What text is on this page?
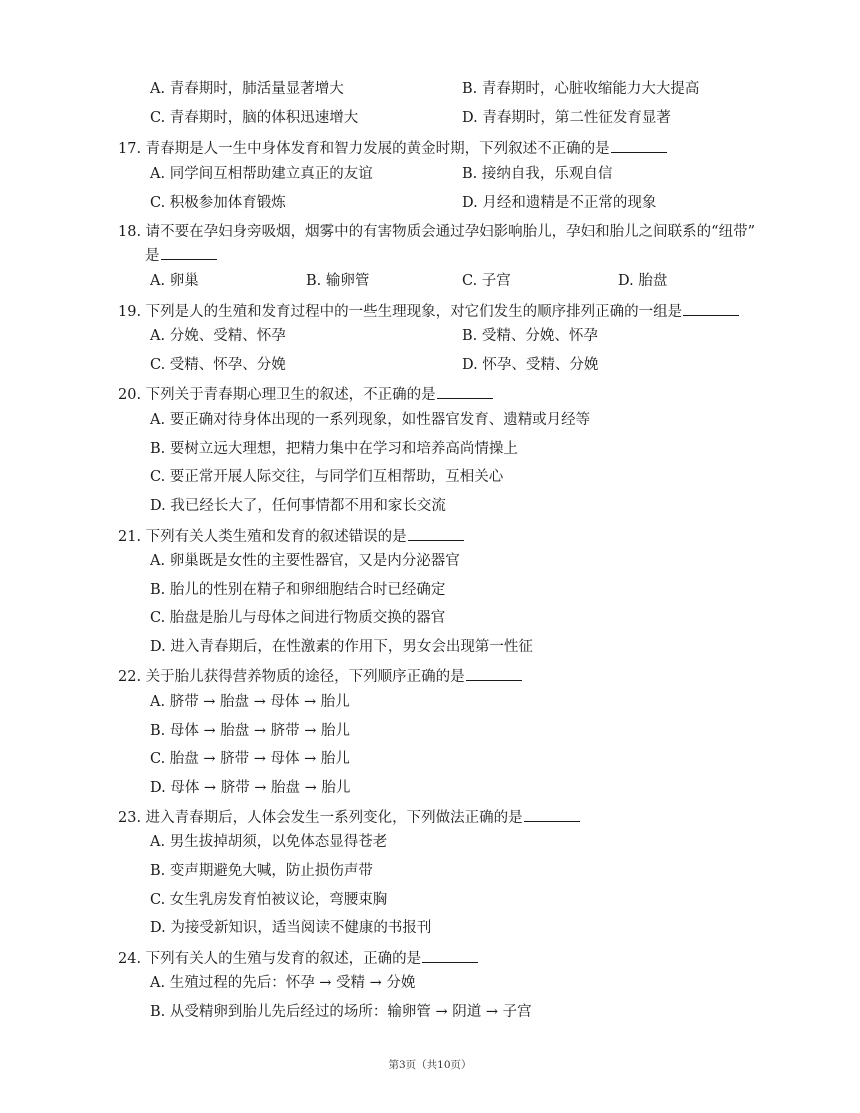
A. 青春期时，肺活量显著增大	B. 青春期时，心脏收缩能力大大提高
C. 青春期时，脑的体积迅速增大	D. 青春期时，第二性征发育显著
17. 青春期是人一生中身体发育和智力发展的黄金时期，下列叙述不正确的是
A. 同学间互相帮助建立真正的友谊	B. 接纳自我，乐观自信
C. 积极参加体育锻炼	D. 月经和遗精是不正常的现象
18. 请不要在孕妇身旁吸烟，烟雾中的有害物质会通过孕妇影响胎儿，孕妇和胎儿之间联系的“纽带”
是
A. 卵巢	B. 输卵管	C. 子宫	D. 胎盘
19. 下列是人的生殖和发育过程中的一些生理现象，对它们发生的顺序排列正确的一组是
A. 分娩、受精、怀孕	B. 受精、分娩、怀孕
C. 受精、怀孕、分娩	D. 怀孕、受精、分娩
20. 下列关于青春期心理卫生的叙述，不正确的是
A. 要正确对待身体出现的一系列现象，如性器官发育、遗精或月经等
B. 要树立远大理想，把精力集中在学习和培养高尚情操上
C. 要正常开展人际交往，与同学们互相帮助，互相关心
D. 我已经长大了，任何事情都不用和家长交流
21. 下列有关人类生殖和发育的叙述错误的是
A. 卵巢既是女性的主要性器官，又是内分泌器官
B. 胎儿的性别在精子和卵细胞结合时已经确定
C. 胎盘是胎儿与母体之间进行物质交换的器官
D. 进入青春期后，在性激素的作用下，男女会出现第一性征
22. 关于胎儿获得营养物质的途径，下列顺序正确的是
A. 脐带 → 胎盘 → 母体 → 胎儿
B. 母体 → 胎盘 → 脐带 → 胎儿
C. 胎盘 → 脐带 → 母体 → 胎儿
D. 母体 → 脐带 → 胎盘 → 胎儿
23. 进入青春期后，人体会发生一系列变化，下列做法正确的是
A. 男生拔掉胡须，以免体态显得苍老
B. 变声期避免大喊，防止损伤声带
C. 女生乳房发育怕被议论，弯腰束胸
D. 为接受新知识，适当阅读不健康的书报刊
24. 下列有关人的生殖与发育的叙述，正确的是
A. 生殖过程的先后：怀孕 → 受精 → 分娩
B. 从受精卵到胎儿先后经过的场所：输卵管 → 阴道 → 子宫
第3页（共10页）
